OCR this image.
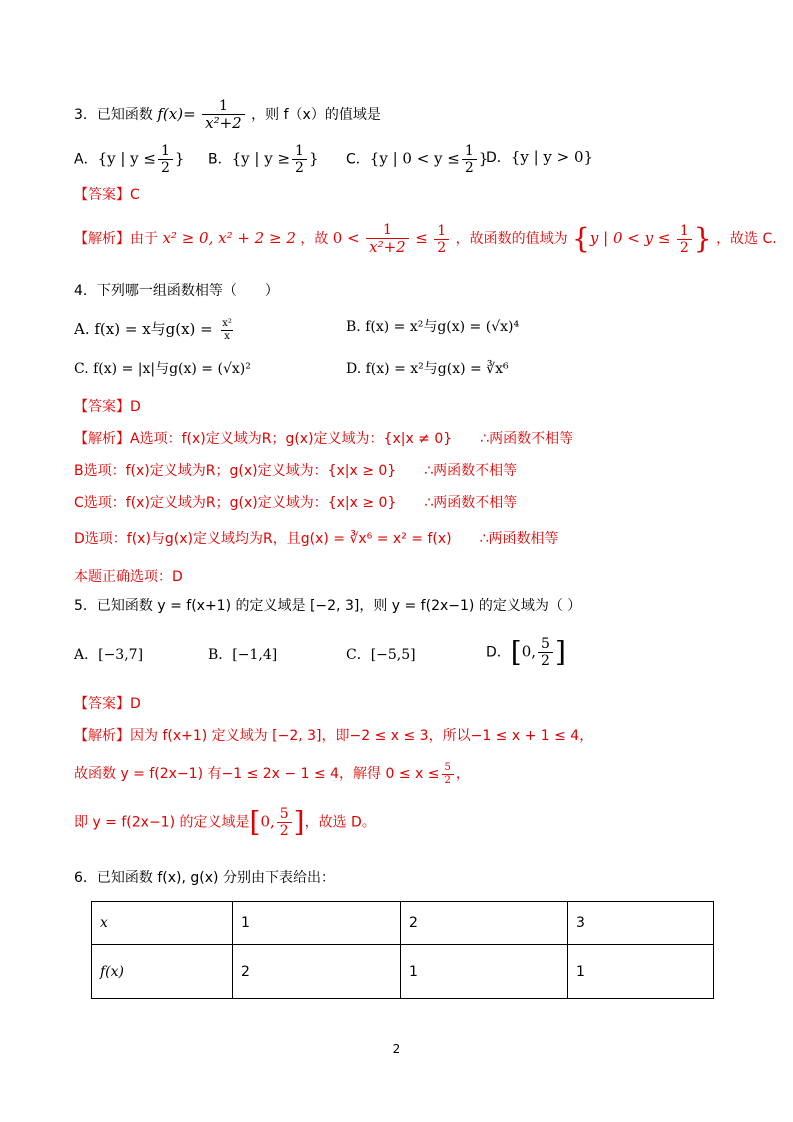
3．已知函数 $f(x)= \frac{1}{\text{x²+2}}$ ，则 f（x）的值域是
A．{y | $y \le \frac{1}{2}$ } B．{y | $y \ge \frac{1}{2}$ } C．{y | $0 < y \le \frac{1}{2}$ }
D．{y | y > 0}
【答案】C
【解析】由于 x² ≥ 0, x² + 2 ≥ 2 ，故 $0 < \frac{1}{\text{x²+2}} \le \frac{1}{2}$ ，故函数的值域为 {y | $0 < y \le \frac{1}{2}$ } ，故选 C.
4．下列哪一组函数相等（　　）
A. f(x) = x与$g(x) = \frac{\text{x²}}{x}$	B. f(x) = x²与g(x) = (√x)⁴
C. f(x) = |x|与g(x) = (√x)²	D. f(x) = x²与g(x) = ∛x⁶
【答案】D
【解析】A选项：f(x)定义域为R；g(x)定义域为：{x|x ≠ 0}　　∴两函数不相等
B选项：f(x)定义域为R；g(x)定义域为：{x|x ≥ 0}　　∴两函数不相等
C选项：f(x)定义域为R；g(x)定义域为：{x|x ≥ 0}　　∴两函数不相等
D选项：f(x)与g(x)定义域均为R，且g(x) = ∛x⁶ = x² = f(x)　　∴两函数相等
本题正确选项：D
5．已知函数 y = f(x+1) 的定义域是 [−2, 3]，则 y = f(2x−1) 的定义域为（ ）
A．[−3,7]	B．[−1,4]	C．[−5,5]	D．[0, $\frac{5}{2}$ ]
【答案】D
【解析】因为 f(x+1) 定义域为 [−2, 3]，即−2 ≤ x ≤ 3，所以−1 ≤ x + 1 ≤ 4，
故函数 y = f(2x−1) 有−1 ≤ 2x − 1 ≤ 4，解得 $0 \le x \le \frac{5}{2}$ ，
即 y = f(2x−1) 的定义域是[0, $\frac{5}{2}$ ]，故选 D。
6．已知函数 f(x), g(x) 分别由下表给出：
x	1	2	3
f(x)	2	1	1
2
